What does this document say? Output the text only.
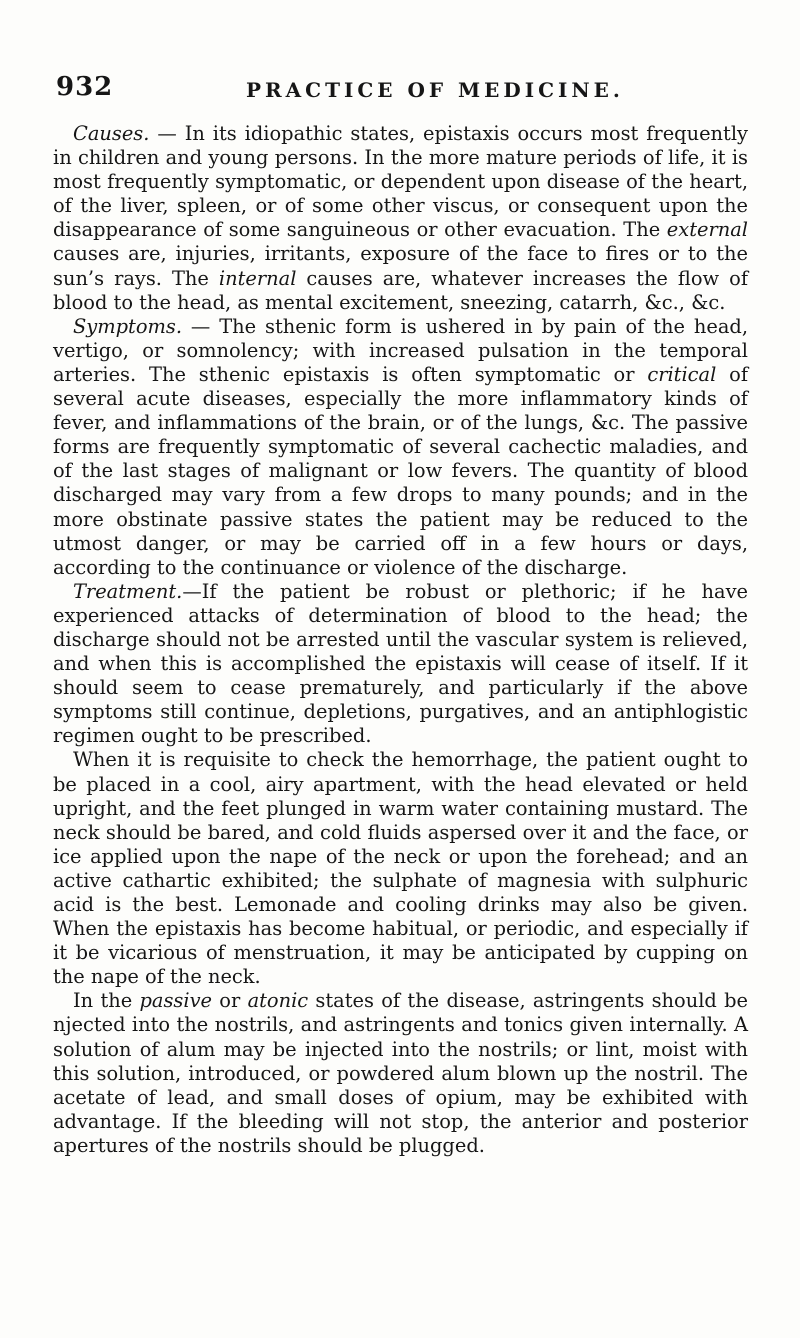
932	PRACTICE OF MEDICINE.

Causes. — In its idiopathic states, epistaxis occurs most frequently in children and young persons. In the more mature periods of life, it is most frequently symptomatic, or dependent upon disease of the heart, of the liver, spleen, or of some other viscus, or consequent upon the disappearance of some sanguineous or other evacuation. The external causes are, injuries, irritants, exposure of the face to fires or to the sun’s rays. The internal causes are, whatever increases the flow of blood to the head, as mental excitement, sneezing, catarrh, &c., &c.

Symptoms. — The sthenic form is ushered in by pain of the head, vertigo, or somnolency; with increased pulsation in the temporal arteries. The sthenic epistaxis is often symptomatic or critical of several acute diseases, especially the more inflammatory kinds of fever, and inflammations of the brain, or of the lungs, &c. The passive forms are frequently symptomatic of several cachectic maladies, and of the last stages of malignant or low fevers. The quantity of blood discharged may vary from a few drops to many pounds; and in the more obstinate passive states the patient may be reduced to the utmost danger, or may be carried off in a few hours or days, according to the continuance or violence of the discharge.

Treatment.—If the patient be robust or plethoric; if he have experienced attacks of determination of blood to the head; the discharge should not be arrested until the vascular system is relieved, and when this is accomplished the epistaxis will cease of itself. If it should seem to cease prematurely, and particularly if the above symptoms still continue, depletions, purgatives, and an antiphlogistic regimen ought to be prescribed.

When it is requisite to check the hemorrhage, the patient ought to be placed in a cool, airy apartment, with the head elevated or held upright, and the feet plunged in warm water containing mustard. The neck should be bared, and cold fluids aspersed over it and the face, or ice applied upon the nape of the neck or upon the forehead; and an active cathartic exhibited; the sulphate of magnesia with sulphuric acid is the best. Lemonade and cooling drinks may also be given. When the epistaxis has become habitual, or periodic, and especially if it be vicarious of menstruation, it may be anticipated by cupping on the nape of the neck.

In the passive or atonic states of the disease, astringents should be njected into the nostrils, and astringents and tonics given internally. A solution of alum may be injected into the nostrils; or lint, moist with this solution, introduced, or powdered alum blown up the nostril. The acetate of lead, and small doses of opium, may be exhibited with advantage. If the bleeding will not stop, the anterior and posterior apertures of the nostrils should be plugged.
